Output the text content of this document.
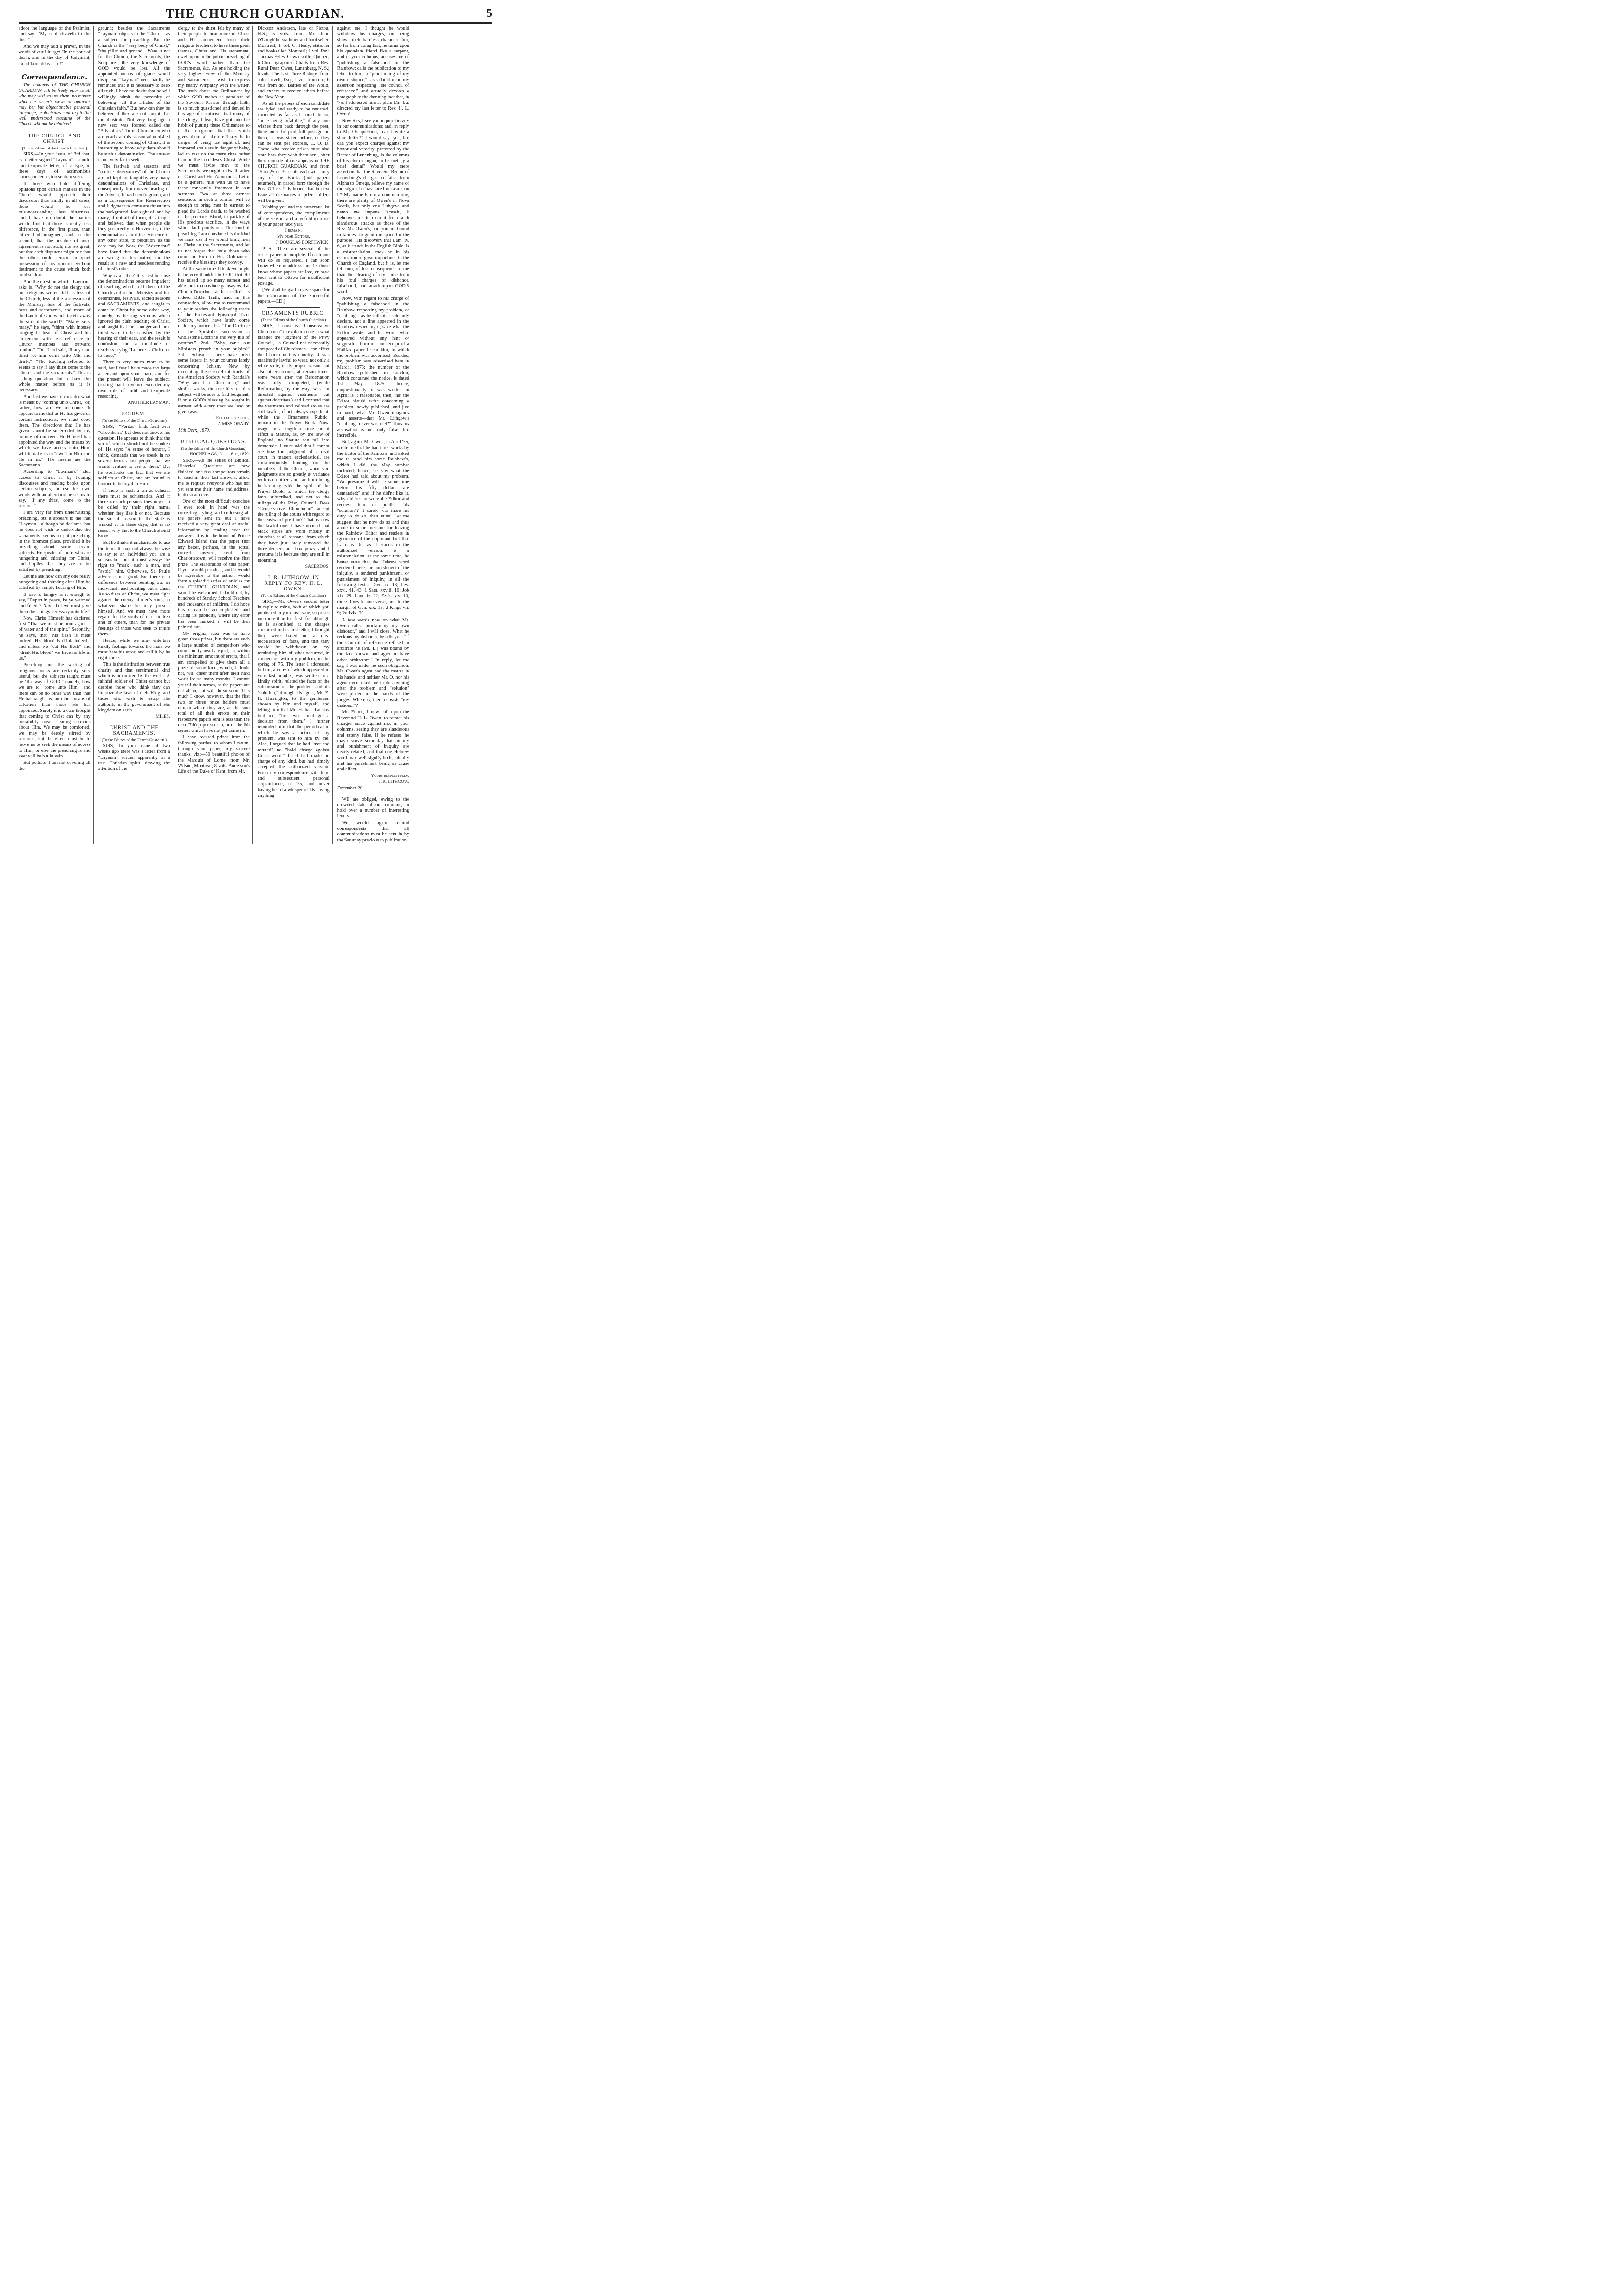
THE CHURCH GUARDIAN.	5

adopt the language of the Psalmist, and say: "My soul cleaveth to the dust."

And we may add a prayer, in the words of our Liturgy: "In the hour of death, and in the day of Judgment, Good Lord deliver us!"

Correspondence.

The columns of THE CHURCH GUARDIAN will be freely open to all who may wish to use them, no matter what the writer's views or opinions may be; but objectionable personal language, or doctrines contrary to the well understood teaching of the Church will not be admitted.

THE CHURCH AND CHRIST.
[To the Editors of the Church Guardian.]

SIRS,—In your issue of 3rd inst. is a letter signed "Layman"—a mild and temperate letter, of a type, in these days of acrimonious correspondence, too seldom seen.

If those who hold differing opinions upon certain matters in the Church would approach their discussion thus mildly in all cases, there would be less misunderstanding, less bitterness, and I have no doubt the parties would find that there is really less difference, in the first place, than either had imagined, and in the second, that the residue of non-agreement is not such, nor so great, but that each disputant might see that the other could remain in quiet possession of his opinion without detriment to the cause which both hold so dear.

And the question which "Layman" asks is, "Why do not the clergy and our religious writers tell us less of the Church, less of the succession of the Ministry, less of the festivals, fasts and sacraments, and more of the Lamb of God which taketh away the sins of the world?" "Many, very many," he says, "thirst with intense longing to hear of Christ and his atonement with less reference to Church methods and outward routine." "Our Lord said, 'If any man thirst let him come unto ME and drink.'" "The teaching referred to seems to say if any thirst come to the Church and the sacraments." This is a long quotation but to have the whole matter before us it is necessary.

And first we have to consider what is meant by "coming unto Christ," or, rather, how are we to come. It appears to me that as He has given us certain instructions, we must obey them. The directions that He has given cannot be superseded by any notions of our own. He Himself has appointed the way and the means by which we have access unto Him, which make us to "dwell in Him and He in us." The means are the Sacraments.

According to "Layman's" idea access to Christ is by hearing discourses and reading books upon certain subjects, to use his own words with an alteration he seems to say, "If any thirst, come to the sermon."

I am very far from undervaluing preaching, but it appears to me that "Layman," although he declares that he does not wish to undervalue the sacraments, seems to put preaching in the foremost place, provided it be preaching about some certain subjects. He speaks of those who are hungering and thirsting for Christ, and implies that they are to be satisfied by preaching.

Let me ask how can any one really hungering and thirsting after Him be satisfied by simply hearing of Him.

If one is hungry is it enough to say, "Depart in peace, be ye warmed and filled"? Nay—but we must give them the "things necessary unto life."

Now Christ Himself has declared first "That we must be born again—of water and of the spirit." Secondly, he says, that "his flesh is meat indeed. His blood is drink indeed," and unless we "eat His flesh" and "drink His blood" we have no life in us."

Preaching and the writing of religious books are certainly very useful, but the subjects taught must be "the way of GOD," namely, how we are to "come unto Him," and there can be no other way than that He has taught us, no other means of salvation than those He has appointed. Surely it is a vain thought that coming to Christ can by any possibility mean hearing sermons about Him. We may be comforted, we may be deeply stirred by sermons, but the effect must be to move us to seek the means of access to Him, or else the preaching is and ever will be but in vain.

But perhaps I am not covering all the

ground; besides the Sacraments "Layman" objects to the "Church" as a subject for preaching. But the Church is the "very body of Christ," "the pillar and ground." Were it not for the Church, the Sacraments, the Scriptures, the very knowledge of GOD would be lost. All the appointed means of grace would disappear. "Layman" need hardly be reminded that it is necessary to keep all truth. I have no doubt that he will willingly admit the necessity of believing "all the articles of the Christian faith." But how can they be believed if they are not taught. Let me illustrate. Not very long ago a new sect was formed called the "Adventists." To us Churchmen who are yearly at this season admonished of the second coming of Christ, it is interesting to know why there should be such a denomination. The answer is not very far to seek.

The festivals and seasons, and "routine observances" of the Church are not kept nor taught by very many denominations of Christians, and consequently from never hearing of the Advent, it has been forgotten, and as a consequence the Resurrection and Judgment to come are thrust into the background, lost sight of, and by many, if not all of them, it is taught and believed that when people die they go directly to Heaven, or, if the denomination admit the existence of any other state, to perdition, as the case may be. Now, the "Adventists" have found that the denominations are wrong in this matter, and the result is a new and needless rending of Christ's robe.

Why is all this? It is just because the denominations became impatient of teaching which told them of the Church and of her Ministry and her ceremonies, festivals, sacred seasons and SACRAMENTS, and sought to come to Christ by some other way, namely, by hearing sermons which ignored the plain teaching of Christ, and taught that their hunger and their thirst were to be satisfied by the hearing of their ears, and the result is confusion and a multitude of teachers crying "Lo here is Christ, or lo there."

There is very much more to be said, but I fear I have made too large a demand upon your space, and for the present will leave the subject, trusting that I have not exceeded my own rule of mild and temperate reasoning.

ANOTHER LAYMAN.
SCHISM.
(To the Editors of the Church Guardian.)

SIRS,—"Veritas" finds fault with "Greenhorn," but does not answer his question. He appears to think that the sin of schism should not be spoken of. He says: "A sense of honour, I think, demands that we speak in no severer terms about people, than we would venture to use to them." But he overlooks the fact that we are soldiers of Christ, and are bound in honour to be loyal to Him.

If there is such a sin as schism, there must be schismatics. And if there are such persons, they ought to be called by their right name, whether they like it or not. Because the sin of treason to the State is winked at in these days, that is no reason why that to the Church should be so.

But he thinks it uncharitable to use the term. It may not always be wise to say to an individual you are a schismatic; but it must always be right to "mark" such a man, and "avoid" him. Otherwise, St. Paul's advice is not good. But there is a difference between pointing out an individual, and pointing out a class. As soldiers of Christ, we must fight against the enemy of men's souls, in whatever shape he may present himself. And we must have more regard for the souls of our children and of others, than for the private feelings of those who seek to injure them.

Hence, while we may entertain kindly feelings towards the man, we must hate his error, and call it by its right name.

This is the distinction between true charity and that sentimental kind which is advocated by the world. A faithful soldier of Christ cannot but despise those who think they can improve the laws of their King, and those who wish to usurp His authority in the government of His kingdom on earth.

MILES.
CHRIST AND THE SACRAMENTS.
(To the Editors of the Church Guardian.)

SIRS,—In your issue of two weeks ago there was a letter from a "Layman" written apparently in a true Christian spirit—drawing the attention of the

clergy to the thirst felt by many of their people to hear more of Christ and His atonement from their religious teachers, to have these great themes, Christ and His atonement, dwelt upon in the public preaching of GOD's word rather than the Sacraments, &c. As one holding the very highest view of the Ministry and Sacraments, I wish to express my hearty sympathy with the writer. The truth about the Ordinances by which GOD makes us partakers of the Saviour's Passion through faith, is so much questioned and denied in this age of scepticism that many of the clergy, I fear, have got into the habit of putting these Ordinances so in the foreground that that which gives them all their efficacy is in danger of being lost sight of, and immortal souls are in danger of being led to rest on the mere rites rather than on the Lord Jesus Christ. While we must invite men to the Sacraments, we ought to dwell rather on Christ and His Atonement. Let it be a general rule with us to have these constantly foremost in our sermons. Two or three earnest sentences in such a sermon will be enough to bring men in earnest to plead the Lord's death, to be washed in the precious Blood, to partake of His precious sacrifice, in the ways which faith points out. This kind of preaching I am convinced is the kind we must use if we would bring men to Christ in the Sacraments, and let us not forget that only those who come to Him in His Ordinances, receive the blessings they convoy.

At the same time I think we ought to be very thankful to GOD that He has raised up so many earnest and able men to convince gainsayers that Church Doctrine—as it is called—is indeed Bible Truth; and, in this connection, allow me to recommend to your readers the following tracts of the Protestant Episcopal Tract Society, which have lately come under my notice. 1st. "The Doctrine of the Apostolic succession a wholesome Doctrine and very full of comfort." 2nd. "Why can't our Ministers preach in your pulpits?" 3rd. "Schism." There have been some letters in your columns lately concerning Schism. Now by circulating these excellent tracts of the American Society with Randall's "Why am I a Churchman," and similar works, the true idea on this subject will be sure to find lodgment, if only GOD's blessing be sought in earnest with every tract we lend or give away.

Faithfully yours,
A MISSIONARY.
16th Decr., 1879.
BIBLICAL QUESTIONS.
(To the Editors of the Church Guardian.)
HOCHELAGA, Dec. 16th, 1879.

SIRS,—As the series of Biblical Historical Questions are now finished, and few competitors remain to send in their last answers, allow me to request everyone who has not yet sent me their name and address, to do so at once.

One of the most difficult exercises I ever took in hand was the correcting, fyling, and endorsing all the papers sent in, but I have received a very great deal of useful information by reading over the answers. It is to the honor of Prince Edward Island that the paper (not any better, perhaps, in the actual correct answer), sent from Charlottetown, will receive the first prize. The elaboration of this paper, if you would permit it, and it would be agreeable to the author, would form a splendid series of articles for the CHURCH GUARDIAN, and would be welcomed, I doubt not, by hundreds of Sunday School Teachers and thousands of children. I do hope this it can be accomplished, and during its publicity, where any error has been marked, it will be then pointed out.

My original idea was to have given three prizes, but there are such a large number of competitors who come pretty nearly equal, or within the minimum amount of errors, that I am compelled to give them all a prize of some kind, which, I doubt not, will cheer them after their hard work for so many months. I cannot yet tell their names, as the papers are not all in, but will do so soon. This much I know, however, that the first two or three prize holders must remain where they are, as the sum total of all their errors on their respective papers sent is less than the next (7th) paper sent in, or of the 6th series, which have not yet come in.

I have secured prizes from the following parties, to whom I return, through your paper, my sincere thanks, viz:—50 beautiful photos of the Marquis of Lorne, from Mr. Wilson, Montreal; 8 vols. Anderson's Life of the Duke of Kent, from Mr.

Dickson Anderson, late of Pictou, N.S.; 5 vols. from Mr. John O'Loughlin, stationer and bookseller, Montreal; 1 vol. C. Healy, stationer and bookseller, Montreal; 1 vol. Rev. Thomas Fyles, Cowansville, Quebec; 6 Chronographical Charts from Rev. Rural Dean Owen, Lunenburg, N. S.; 6 vols. The Last Three Bishops, from John Lovell, Esq.; 1 vol. from do.; 6 vols from do., Battles of the World, and expect to receive others before the New Year.

As all the papers of each candidate are fyled and ready to be returned, corrected as far as I could do so, "none being infallible," if any one wishes them back through the post, there must be paid full postage on them, as was stated before, or they can be sent per express, C. O. D. Those who receive prizes must also state how they wish them sent, after their nom de plume appears in THE CHURCH GUARDIAN, and from 15 to 25 or 30 cents each will carry any of the Books (and papers returned), in parcel form through the Post Office. It is hoped that in next issue all the names of prize holders will be given.

Wishing you and my numerous list of correspondents, the compliments of the season, and a tenfold increase of your paper next year,

I remain,
My dear Editors,
J. DOUGLAS BORTHWICK.

P. S.—There are several of the series papers incomplete. If each one will do as requested, I can soon know where to address, and let those know whose papers are lost, or have been sent to Ottawa for insufficient postage.

[We shall be glad to give space for the elaboration of the successful papers.—ED.]

ORNAMENTS RUBRIC.
(To the Editors of the Church Guardian.)

SIRS,—I must ask "Conservative Churchman" to explain to me in what manner the judgment of the Privy Council,—a Council not necessarily composed of Churchmen—can effect the Church in this country. It was manifestly lawful to wear, not only a white stole, in its proper season, but also other colours, at certain times, some years after the Reformation was fully completed, (while Reformation, by the way, was not directed against vestments, but against doctrines,) and I contend that the vestments and colored stoles are still lawful, if not always expedient, while the "Ornaments Rubric" remain in the Prayer Book. Now, usage for a length of time cannot affect a Statute, as, by the law of England, no Statute can fall into desuetude. I must add that I cannot see how the judgment of a civil court, in matters ecclesiastical, are conscientiously binding on the members of the Church, when said judgments are so greatly at variance with each other, and far from being in harmony with the spirit of the Prayer Book, to which the clergy have subscribed, and not to the rulings of the Privy Council. Does "Conservative Churchman" accept the ruling of the courts with regard to the eastward position? That is now the lawful one. I have noticed that black stoles are worn mostly in churches at all seasons, from which they have just lately removed the three-deckers and box pews, and I presume it is because they are still in mourning.

SACERDOS.
J. R. LITHGOW, IN REPLY TO REV. H. L. OWEN.
(To the Editors of the Church Guardian.)

SIRS,—Mr. Owen's second letter in reply to mine, both of which you published in your last issue, surprises me more than his first; for although he is astonished at the charges contained in his first letter, I thought they were based on a mis-recollection of facts, and that they would be withdrawn on my reminding him of what occurred, in connection with my problem, in the spring of '75. The letter I addressed to him, a copy of which appeared in your last number, was written in a kindly spirit, related the facts of the submission of the problem and its "solution," through his agent, Mr. E. H. Harrington, to the gentlemen chosen by him and myself, and telling him that Mr. H. had that day told me, "he never could get a decision from them." I further reminded him that the periodical in which he saw a notice of my problem, was sent to him by me. Also, I argued that he had "met and refuted" no "bold charge against God's word," for I had made no charge of any kind, but had simply accepted the authorized version. From my correspondence with him, and subsequent personal acquaintance, in '75, and never having heard a whisper of his having anything

against me, I thought he would withdraw his charges, on being shown their baseless character; but, so far from doing that, he turns upon his quondam friend like a serpent, and in your columns, accuses me of "publishing a falsehood in the Rainbow; calls the publication of my letter to him, a "proclaiming of my own dishonor," casts doubt upon my assertion respecting "the council of reference," and actually devotes a paragraph to the damning fact that, in '75, I addressed him as plain Mr., but directed my last letter to Rev. H. L. Owen!

Now Sirs, I see you require brevity in our communications; and, in reply to Mr. O's question, "can I write a short letter?" I would say, yes; but can you expect charges against my honor and veracity, preferred by the Rector of Lunenburg, in the columns of his church organ, to be met by a brief denial? Would my mere assertion that the Reverend Rector of Lunenburg's charges are false, from Alpha to Omega, relieve my name of the stigma he has dared to fasten on it? My name is not a common one, there are plenty of Owen's in Nova Scotia, but only one Lithgow, and nemo me impune lacessit, it behooves me to clear it from such slanderous attacks as those of the Rev. Mr. Owen's, and you are bound in fairness to grant me space for the purpose. His discovery that Lam. iv. 6, as it stands in the English Bible, is a mistranslation, may be in his estimation of great importance to the Church of England, but it is, let me tell him, of less consequence to me than the clearing of my name from his foul charges of dishonor, falsehood, and attack upon GOD'S word.

Now, with regard to his charge of "publishing a falsehood in the Rainbow, respecting my problem, or "challenge" as he calls it; I solemnly declare, not a line appeared in the Rainbow respecting it, save what the Editor wrote; and he wrote what appeared without any hint or suggestion from me, on receipt of a Halifax paper I sent him, in which the problem was advertised. Besides, my problem was advertised here in March, 1875; the number of the Rainbow published in London, which contained the notice, is dated 1st May, 1875, hence, unquestionably, it was written in April; is it reasonable, then, that the Editor should write concerning a problem, newly published, and just in hand, what Mr. Owen imagines and asserts—that Mr. Lithgow's "challenge never was met?" Thus his accusation is not only false, but incredible.

But, again, Mr. Owen, in April '75, wrote me that he had three works by the Editor of the Rainbow, and asked me to send him some Rainbow's, which I did, the May number included; hence, he saw what the Editor had said about my problem. "We presume it will be some time before his fifty dollars are demanded;" and if he did'nt like it, why did he not write the Editor and request him to publish his "solution"? It surely was more his duty to do so, than mine! Let me suggest that he now do so and thus atone in some measure for leaving the Rainbow Editor and readers in ignorance of the important fact that Lam. iv. 6., as it stands in the authorized version, is a mistranslation; at the same time, he better state that the Hebrew word rendered there, the punishment of the iniquity, is rendered punishment, or punishment of iniquity, in all the following texts:—Gen. iv. 13; Lev. xxvi. 41, 43; 1 Sam. xxviii. 10; Job xix. 29; Lam. iv. 22; Ezek. xiv. 10, three times in one verse; and in the margin of Gen. xix. 15; 2 Kings vii. 9; Ps. lxix. 29.

A few words now on what Mr. Owen calls "proclaiming my own dishonor," and I will close. What he reckons my dishonor, he tells you: "if the Council of reference refused to arbitrate he (Mr. L.) was bound by the fact known, and agree to have other arbitrators." In reply, let me say, I was under no such obligation. Mr. Owen's agent had the matter in his hands, and neither Mr. O. nor his agent ever asked me to do anything after the problem and "solution" were placed in the hands of the judges. Where is, then, consists "my dishonor"?

Mr. Editor, I now call upon the Reverend H. L. Owen, to retract his charges made against me, in your columns, seeing they are slanderous and utterly false. If he refuses he may discover some day that iniquity and punishment of iniquity are nearly related, and that one Hebrew word may well signify both, iniquity and his punishment being as cause and effect.

Yours respectfully,
J. R. LITHGOW.
December 20.

WE are obliged, owing to the crowded state of our columns, to hold over a number of interesting letters.

We would again remind correspondents that all communications must be sent in by the Saturday previous to publication.
